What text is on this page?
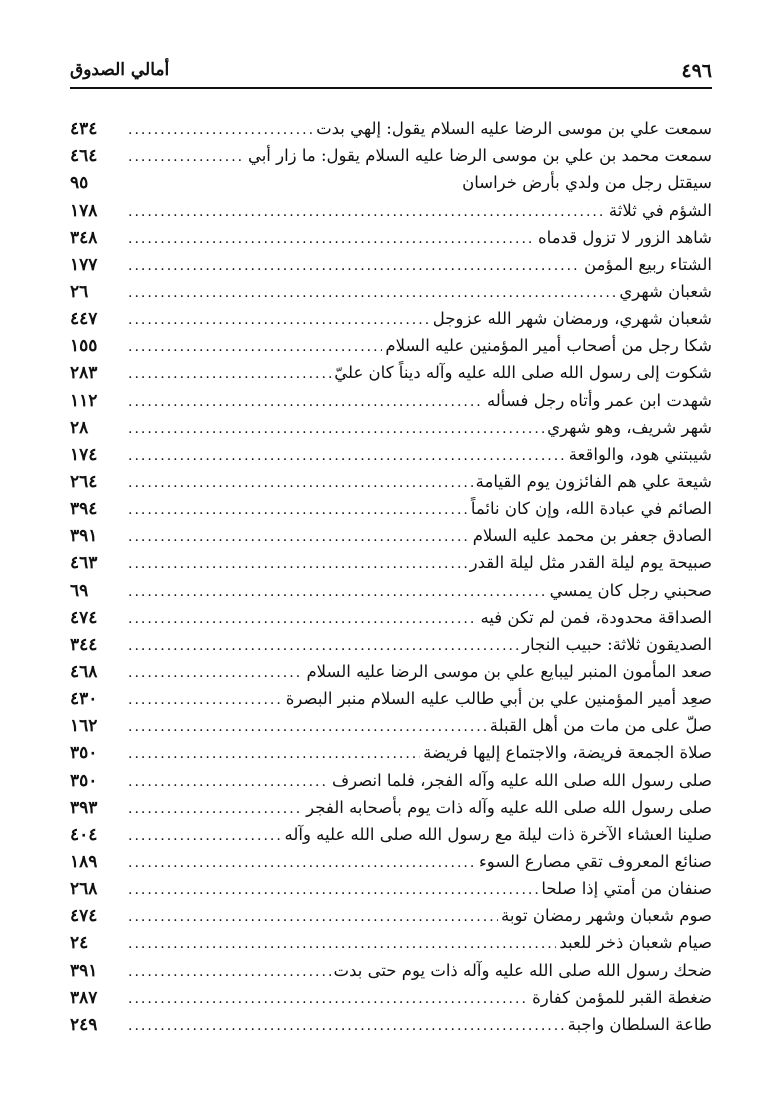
٤٩٦
أمالي الصدوق
سمعت علي بن موسى الرضا عليه السلام يقول: إلهي بدت
.....
٤٣٤
سمعت محمد بن علي بن موسى الرضا عليه السلام يقول: ما زار أبي
.....
٤٦٤
سيقتل رجل من ولدي بأرض خراسان
٩٥
الشؤم في ثلاثة
.....
١٧٨
شاهد الزور لا تزول قدماه
.....
٣٤٨
الشتاء ربيع المؤمن
.....
١٧٧
شعبان شهري
.....
٢٦
شعبان شهري، ورمضان شهر الله عزوجل
.....
٤٤٧
شكا رجل من أصحاب أمير المؤمنين عليه السلام
.....
١٥٥
شكوت إلى رسول الله صلى الله عليه وآله ديناً كان عليّ
.....
٢٨٣
شهدت ابن عمر وأتاه رجل فسأله
.....
١١٢
شهر شريف، وهو شهري
.....
٢٨
شيبتني هود، والواقعة
.....
١٧٤
شيعة علي هم الفائزون يوم القيامة
.....
٢٦٤
الصائم في عبادة الله، وإن كان نائماً
.....
٣٩٤
الصادق جعفر بن محمد عليه السلام
.....
٣٩١
صبيحة يوم ليلة القدر مثل ليلة القدر
.....
٤٦٣
صحبني رجل كان يمسي
.....
٦٩
الصداقة محدودة، فمن لم تكن فيه
.....
٤٧٤
الصديقون ثلاثة: حبيب النجار
.....
٣٤٤
صعد المأمون المنبر ليبايع علي بن موسى الرضا عليه السلام
.....
٤٦٨
صعِد أمير المؤمنين علي بن أبي طالب عليه السلام منبر البصرة
.....
٤٣٠
صلّ على من مات من أهل القبلة
.....
١٦٢
صلاة الجمعة فريضة، والاجتماع إليها فريضة
.....
٣٥٠
صلى رسول الله صلى الله عليه وآله الفجر، فلما انصرف
.....
٣٥٠
صلى رسول الله صلى الله عليه وآله ذات يوم بأصحابه الفجر
.....
٣٩٣
صلينا العشاء الآخرة ذات ليلة مع رسول الله صلى الله عليه وآله
.....
٤٠٤
صنائع المعروف تقي مصارع السوء
.....
١٨٩
صنفان من أمتي إذا صلحا
.....
٢٦٨
صوم شعبان وشهر رمضان توبة
.....
٤٧٤
صيام شعبان ذخر للعبد
.....
٢٤
ضحك رسول الله صلى الله عليه وآله ذات يوم حتى بدت
.....
٣٩١
ضغطة القبر للمؤمن كفارة
.....
٣٨٧
طاعة السلطان واجبة
.....
٢٤٩
